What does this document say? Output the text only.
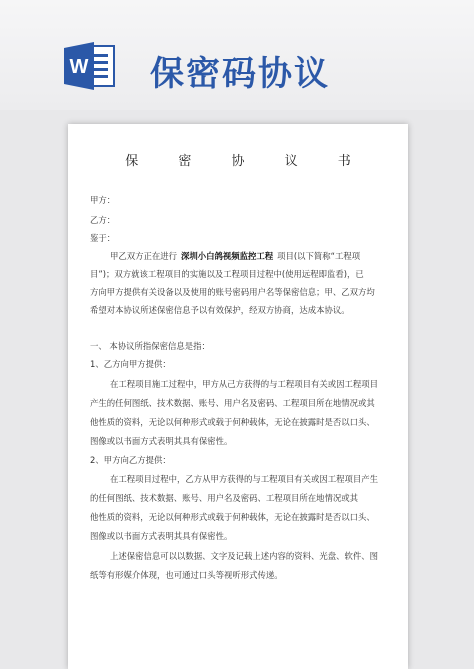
W 保密码协议
保 密 协 议 书
甲方：
乙方：
鉴于：
甲乙双方正在进行 深圳小白鸽视频监控工程 项目(以下简称“工程项
目”)；双方就该工程项目的实施以及工程项目过程中(使用远程即监看)，已
方向甲方提供有关设备以及使用的账号密码用户名等保密信息；甲、乙双方均
希望对本协议所述保密信息予以有效保护，经双方协商，达成本协议。
一、 本协议所指保密信息是指：
1、乙方向甲方提供：
在工程项目施工过程中，甲方从己方获得的与工程项目有关或因工程项目
产生的任何图纸、技术数据、账号、用户名及密码、工程项目所在地情况或其
他性质的资料，无论以何种形式或载于何种载体，无论在披露时是否以口头、
图像或以书面方式表明其具有保密性。
2、甲方向乙方提供：
在工程项目过程中，乙方从甲方获得的与工程项目有关或因工程项目产生
的任何图纸、技术数据、账号、用户名及密码、工程项目所在地情况或其
他性质的资料，无论以何种形式或载于何种载体，无论在披露时是否以口头、
图像或以书面方式表明其具有保密性。
上述保密信息可以以数据、文字及记载上述内容的资料、光盘、软件、图
纸等有形媒介体现，也可通过口头等视听形式传递。
